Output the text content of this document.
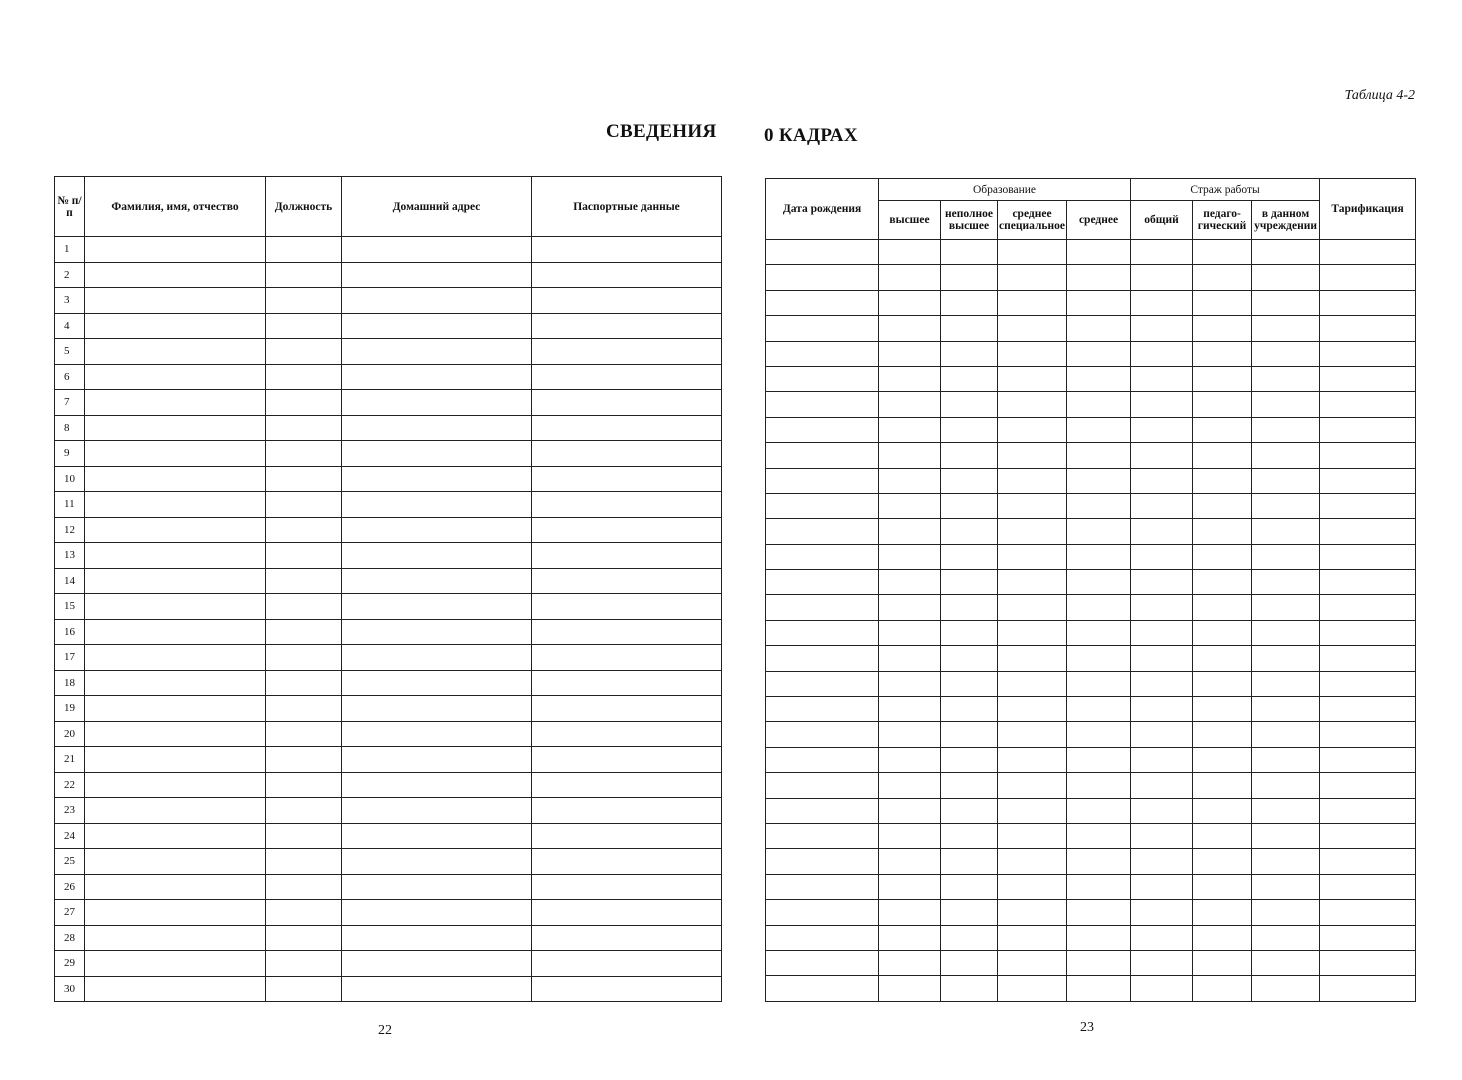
Таблица 4-2
СВЕДЕНИЯ	0 КАДРАХ
№ п/п	Фамилия, имя, отчество	Должность	Домашний адрес	Паспортные данные
1				
2				
3				
4				
5				
6				
7				
8				
9				
10				
11				
12				
13				
14				
15				
16				
17				
18				
19				
20				
21				
22				
23				
24				
25				
26				
27				
28				
29				
30				
Дата рождения	Образование				Страж работы			Тарификация
	высшее	неполное высшее	среднее специальное	среднее	общий	педаго- гический	в данном учреждении	

22	23
